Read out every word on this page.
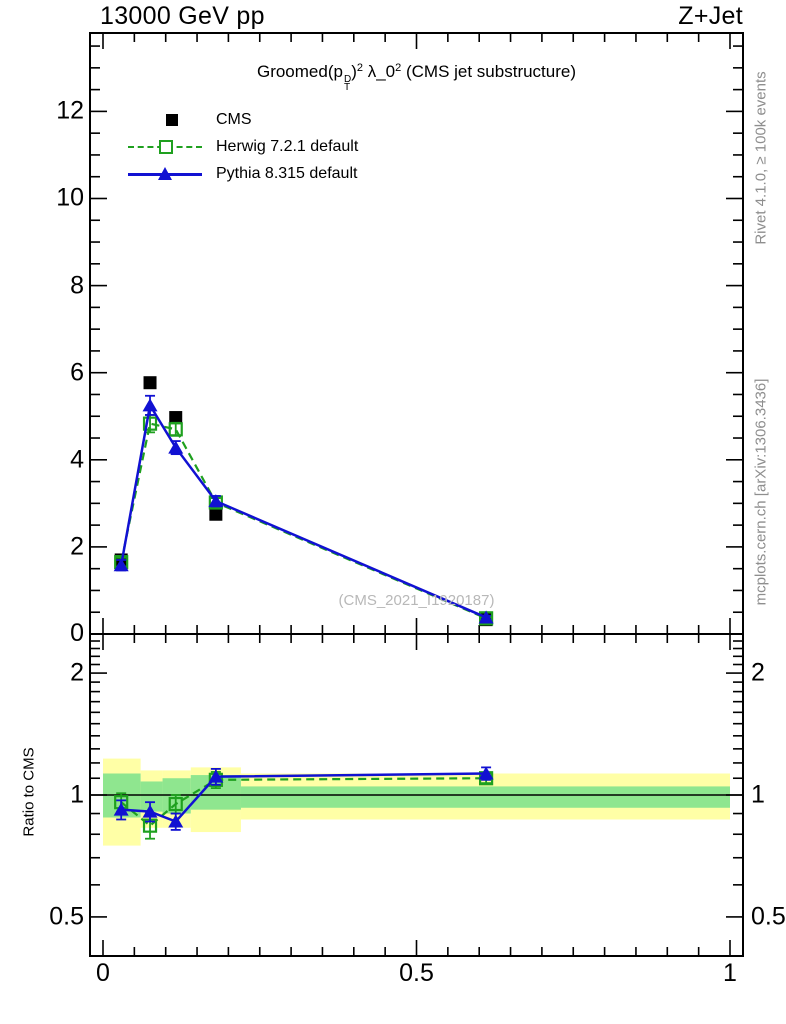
13000 GeV pp	Z+Jet
Groomed(p D
T
)$^2$ $\lambda\_0^2$ (CMS jet substructure)
CMS
Herwig 7.2.1 default
Pythia 8.315 default
(CMS_2021_I1920187)
Rivet 4.1.0, ≥ 100k events
mcplots.cern.ch [arXiv:1306.3436]
Ratio to CMS
0
2
4
6
8
10
12
0	0.5	1
0.5	0.5
1	1
2	2
